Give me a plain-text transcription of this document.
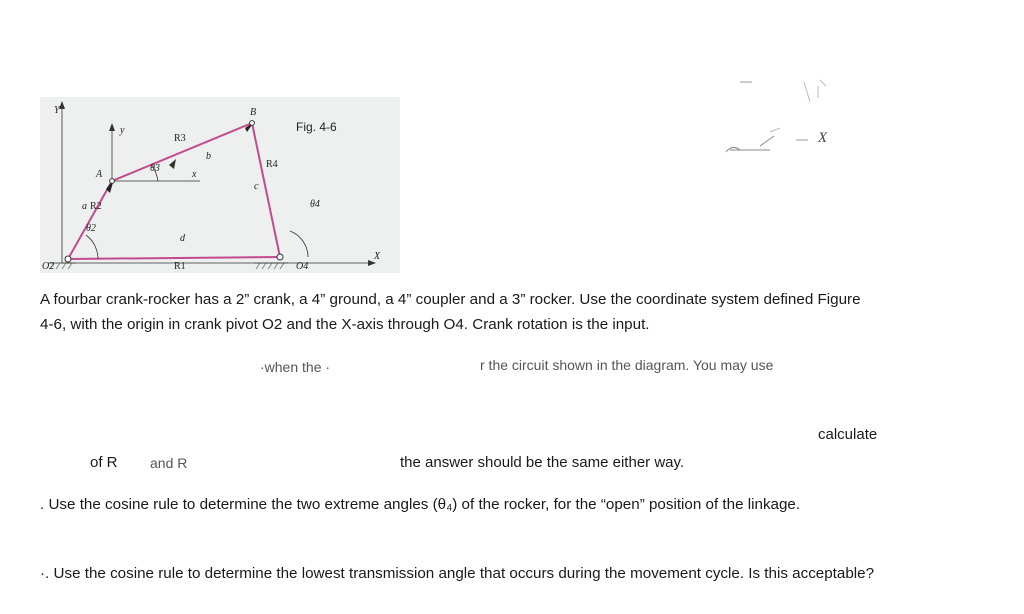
Fig. 4-6
Y
y
x
X
A
B
a
b
c
d
R1
R2
R3
R4
θ2
θ3
θ4
O2	O4
X
A fourbar crank-rocker has a 2” crank, a 4” ground, a 4” coupler and a 3” rocker. Use the coordinate system defined Figure 4-6, with the origin in crank pivot O2 and the X-axis through O4. Crank rotation is the input.
·when the ·	r the circuit shown in the diagram. You may use
calculate
of R and R	the answer should be the same either way.
. Use the cosine rule to determine the two extreme angles (θ₄) of the rocker, for the “open” position of the linkage.
·. Use the cosine rule to determine the lowest transmission angle that occurs during the movement cycle. Is this acceptable?
